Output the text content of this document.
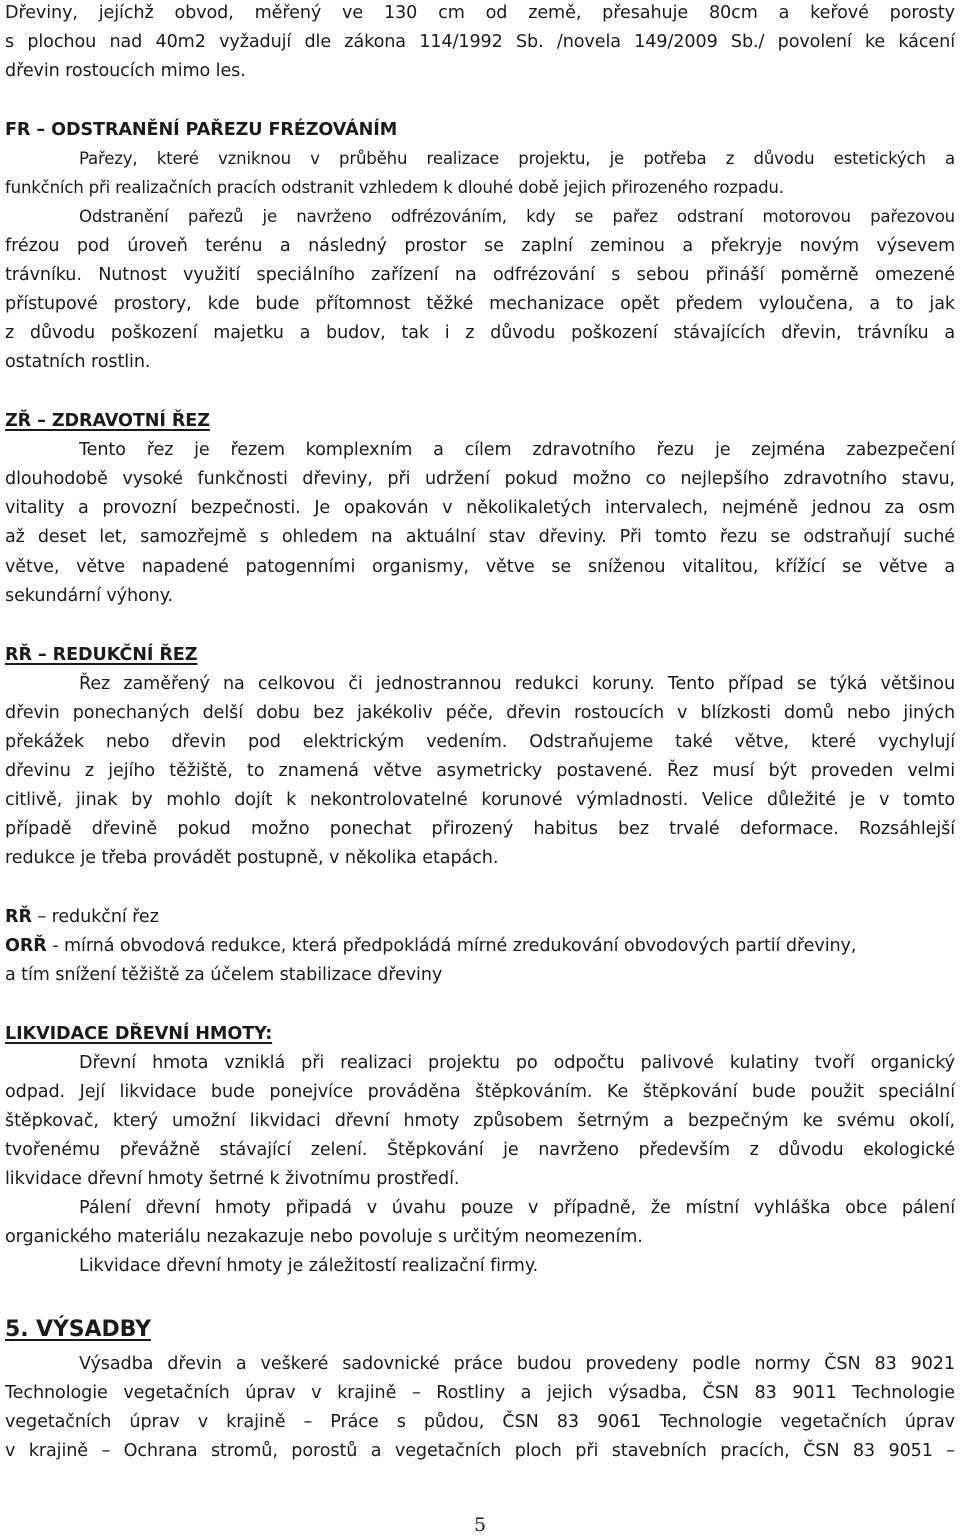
Dřeviny, jejíchž obvod, měřený ve 130 cm od země, přesahuje 80cm a keřové porosty
s plochou nad 40m2 vyžadují dle zákona 114/1992 Sb. /novela 149/2009 Sb./ povolení ke kácení
dřevin rostoucích mimo les.
FR – ODSTRANĚNÍ PAŘEZU FRÉZOVÁNÍM
Pařezy, které vzniknou v průběhu realizace projektu, je potřeba z důvodu estetických a
funkčních při realizačních pracích odstranit vzhledem k dlouhé době jejich přirozeného rozpadu.
Odstranění pařezů je navrženo odfrézováním, kdy se pařez odstraní motorovou pařezovou
frézou pod úroveň terénu a následný prostor se zaplní zeminou a překryje novým výsevem
trávníku. Nutnost využití speciálního zařízení na odfrézování s sebou přináší poměrně omezené
přístupové prostory, kde bude přítomnost těžké mechanizace opět předem vyloučena, a to jak
z důvodu poškození majetku a budov, tak i z důvodu poškození stávajících dřevin, trávníku a
ostatních rostlin.
ZŘ – ZDRAVOTNÍ ŘEZ
Tento řez je řezem komplexním a cílem zdravotního řezu je zejména zabezpečení
dlouhodobě vysoké funkčnosti dřeviny, při udržení pokud možno co nejlepšího zdravotního stavu,
vitality a provozní bezpečnosti. Je opakován v několikaletých intervalech, nejméně jednou za osm
až deset let, samozřejmě s ohledem na aktuální stav dřeviny. Při tomto řezu se odstraňují suché
větve, větve napadené patogenními organismy, větve se sníženou vitalitou, křížící se větve a
sekundární výhony.
RŘ – REDUKČNÍ ŘEZ
Řez zaměřený na celkovou či jednostrannou redukci koruny. Tento případ se týká většinou
dřevin ponechaných delší dobu bez jakékoliv péče, dřevin rostoucích v blízkosti domů nebo jiných
překážek nebo dřevin pod elektrickým vedením. Odstraňujeme také větve, které vychylují
dřevinu z jejího těžiště, to znamená větve asymetricky postavené. Řez musí být proveden velmi
citlivě, jinak by mohlo dojít k nekontrolovatelné korunové výmladnosti. Velice důležité je v tomto
případě dřevině pokud možno ponechat přirozený habitus bez trvalé deformace. Rozsáhlejší
redukce je třeba provádět postupně, v několika etapách.
RŘ – redukční řez
ORŘ - mírná obvodová redukce, která předpokládá mírné zredukování obvodových partií dřeviny,
a tím snížení těžiště za účelem stabilizace dřeviny
LIKVIDACE DŘEVNÍ HMOTY:
Dřevní hmota vzniklá při realizaci projektu po odpočtu palivové kulatiny tvoří organický
odpad. Její likvidace bude ponejvíce prováděna štěpkováním. Ke štěpkování bude použit speciální
štěpkovač, který umožní likvidaci dřevní hmoty způsobem šetrným a bezpečným ke svému okolí,
tvořenému převážně stávající zelení. Štěpkování je navrženo především z důvodu ekologické
likvidace dřevní hmoty šetrné k životnímu prostředí.
Pálení dřevní hmoty připadá v úvahu pouze v případně, že místní vyhláška obce pálení
organického materiálu nezakazuje nebo povoluje s určitým neomezením.
Likvidace dřevní hmoty je záležitostí realizační firmy.
5. VÝSADBY
Výsadba dřevin a veškeré sadovnické práce budou provedeny podle normy ČSN 83 9021
Technologie vegetačních úprav v krajině – Rostliny a jejich výsadba, ČSN 83 9011 Technologie
vegetačních úprav v krajině – Práce s půdou, ČSN 83 9061 Technologie vegetačních úprav
v krajině – Ochrana stromů, porostů a vegetačních ploch při stavebních pracích, ČSN 83 9051 –
5
